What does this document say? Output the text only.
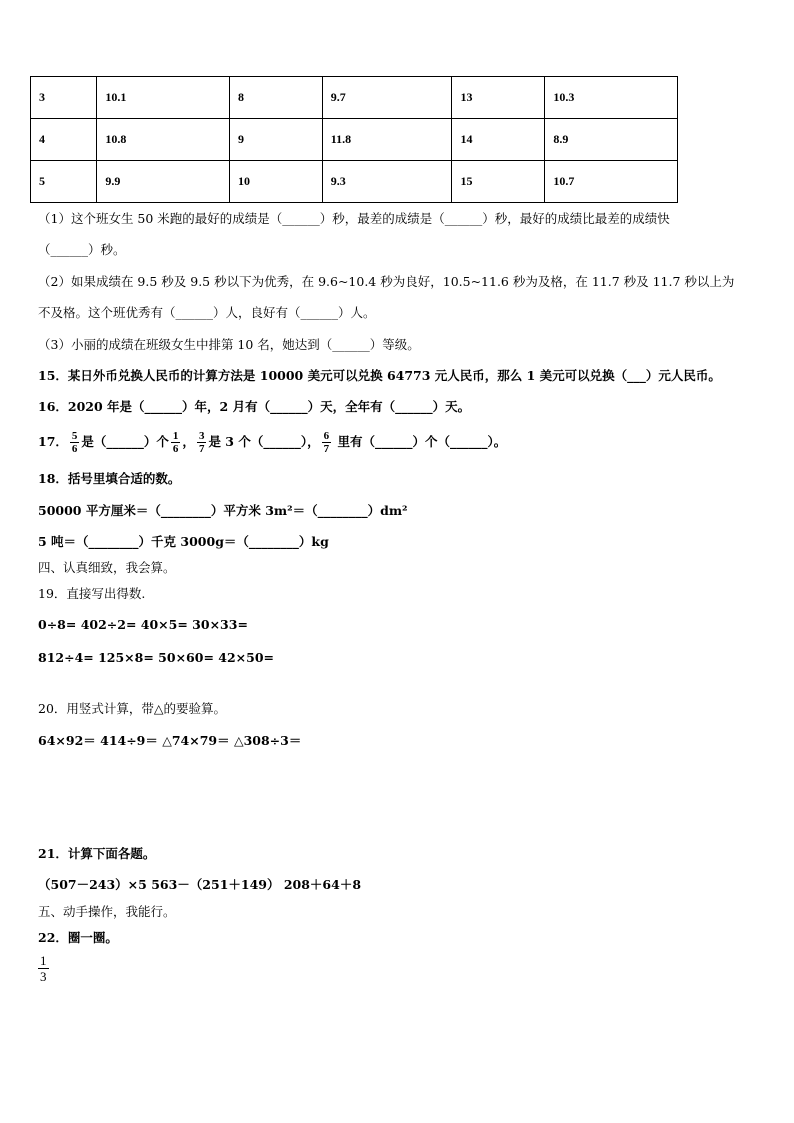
3	10.1	8	9.7	13	10.3
4	10.8	9	11.8	14	8.9
5	9.9	10	9.3	15	10.7
（1）这个班女生 50 米跑的最好的成绩是（______）秒，最差的成绩是（______）秒，最好的成绩比最差的成绩快
（______）秒。
（2）如果成绩在 9.5 秒及 9.5 秒以下为优秀，在 9.6~10.4 秒为良好，10.5~11.6 秒为及格，在 11.7 秒及 11.7 秒以上为
不及格。这个班优秀有（______）人，良好有（______）人。
（3）小丽的成绩在班级女生中排第 10 名，她达到（______）等级。
15．某日外币兑换人民币的计算方法是 10000 美元可以兑换 64773 元人民币，那么 1 美元可以兑换（___）元人民币。
16．2020 年是（______）年，2 月有（______）天，全年有（______）天。
17． $\frac{5}{6}$ 是（______）个 $\frac{1}{6}$ ， $\frac{3}{7}$ 是 3 个（______）， $\frac{6}{7}$ 里有（______）个（______）。
18．括号里填合适的数。
50000 平方厘米＝（________）平方米 3m²＝（________）dm²
5 吨＝（________）千克 3000g＝（________）kg
四、认真细致，我会算。
19．直接写出得数.
0÷8= 402÷2= 40×5= 30×33=
812÷4= 125×8= 50×60= 42×50=
20．用竖式计算，带△的要验算。
64×92＝ 414÷9＝ △74×79＝ △308÷3＝
21．计算下面各题。
（507－243）×5 563－（251＋149） 208＋64＋8
五、动手操作，我能行。
22．圈一圈。
1
3
